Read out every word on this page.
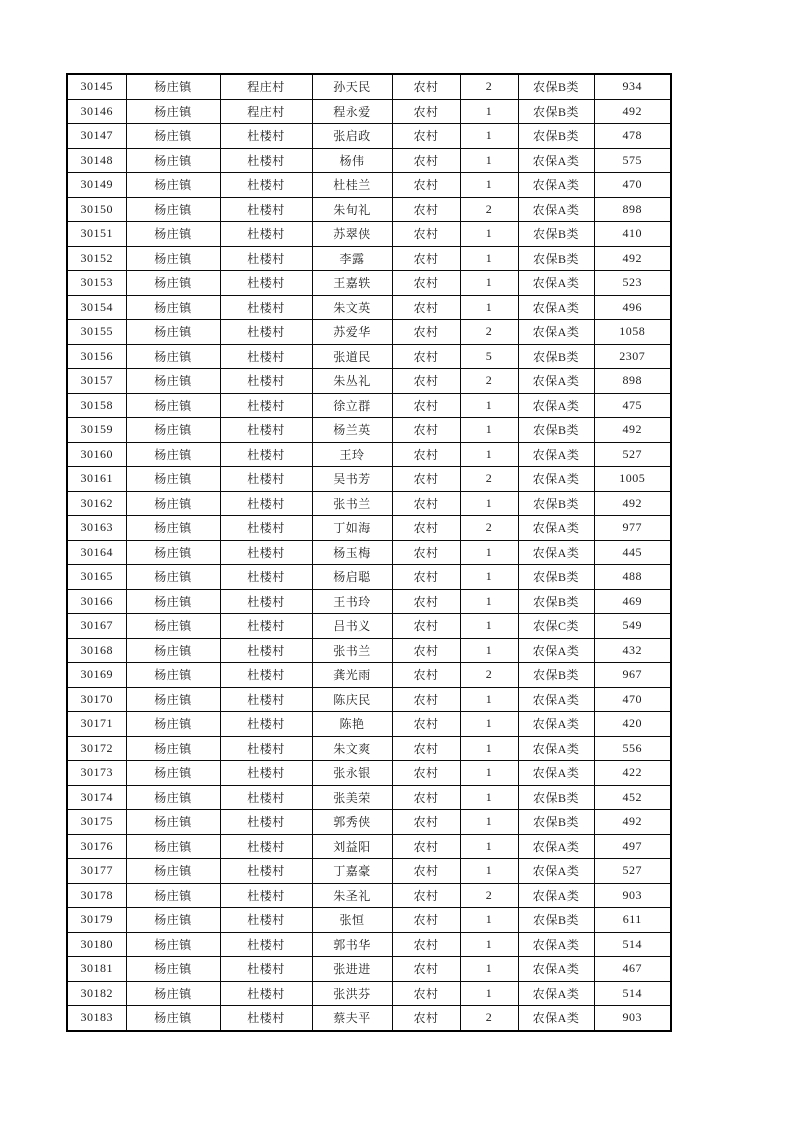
30145	杨庄镇	程庄村	孙天民	农村	2	农保B类	934
30146	杨庄镇	程庄村	程永爱	农村	1	农保B类	492
30147	杨庄镇	杜楼村	张启政	农村	1	农保B类	478
30148	杨庄镇	杜楼村	杨伟	农村	1	农保A类	575
30149	杨庄镇	杜楼村	杜桂兰	农村	1	农保A类	470
30150	杨庄镇	杜楼村	朱旬礼	农村	2	农保A类	898
30151	杨庄镇	杜楼村	苏翠侠	农村	1	农保B类	410
30152	杨庄镇	杜楼村	李露	农村	1	农保B类	492
30153	杨庄镇	杜楼村	王嘉轶	农村	1	农保A类	523
30154	杨庄镇	杜楼村	朱文英	农村	1	农保A类	496
30155	杨庄镇	杜楼村	苏爱华	农村	2	农保A类	1058
30156	杨庄镇	杜楼村	张道民	农村	5	农保B类	2307
30157	杨庄镇	杜楼村	朱丛礼	农村	2	农保A类	898
30158	杨庄镇	杜楼村	徐立群	农村	1	农保A类	475
30159	杨庄镇	杜楼村	杨兰英	农村	1	农保B类	492
30160	杨庄镇	杜楼村	王玲	农村	1	农保A类	527
30161	杨庄镇	杜楼村	吴书芳	农村	2	农保A类	1005
30162	杨庄镇	杜楼村	张书兰	农村	1	农保B类	492
30163	杨庄镇	杜楼村	丁如海	农村	2	农保A类	977
30164	杨庄镇	杜楼村	杨玉梅	农村	1	农保A类	445
30165	杨庄镇	杜楼村	杨启聪	农村	1	农保B类	488
30166	杨庄镇	杜楼村	王书玲	农村	1	农保B类	469
30167	杨庄镇	杜楼村	吕书义	农村	1	农保C类	549
30168	杨庄镇	杜楼村	张书兰	农村	1	农保A类	432
30169	杨庄镇	杜楼村	龚光雨	农村	2	农保B类	967
30170	杨庄镇	杜楼村	陈庆民	农村	1	农保A类	470
30171	杨庄镇	杜楼村	陈艳	农村	1	农保A类	420
30172	杨庄镇	杜楼村	朱文爽	农村	1	农保A类	556
30173	杨庄镇	杜楼村	张永银	农村	1	农保A类	422
30174	杨庄镇	杜楼村	张美荣	农村	1	农保B类	452
30175	杨庄镇	杜楼村	郭秀侠	农村	1	农保B类	492
30176	杨庄镇	杜楼村	刘益阳	农村	1	农保A类	497
30177	杨庄镇	杜楼村	丁嘉豪	农村	1	农保A类	527
30178	杨庄镇	杜楼村	朱圣礼	农村	2	农保A类	903
30179	杨庄镇	杜楼村	张恒	农村	1	农保B类	611
30180	杨庄镇	杜楼村	郭书华	农村	1	农保A类	514
30181	杨庄镇	杜楼村	张进进	农村	1	农保A类	467
30182	杨庄镇	杜楼村	张洪芬	农村	1	农保A类	514
30183	杨庄镇	杜楼村	蔡夫平	农村	2	农保A类	903
